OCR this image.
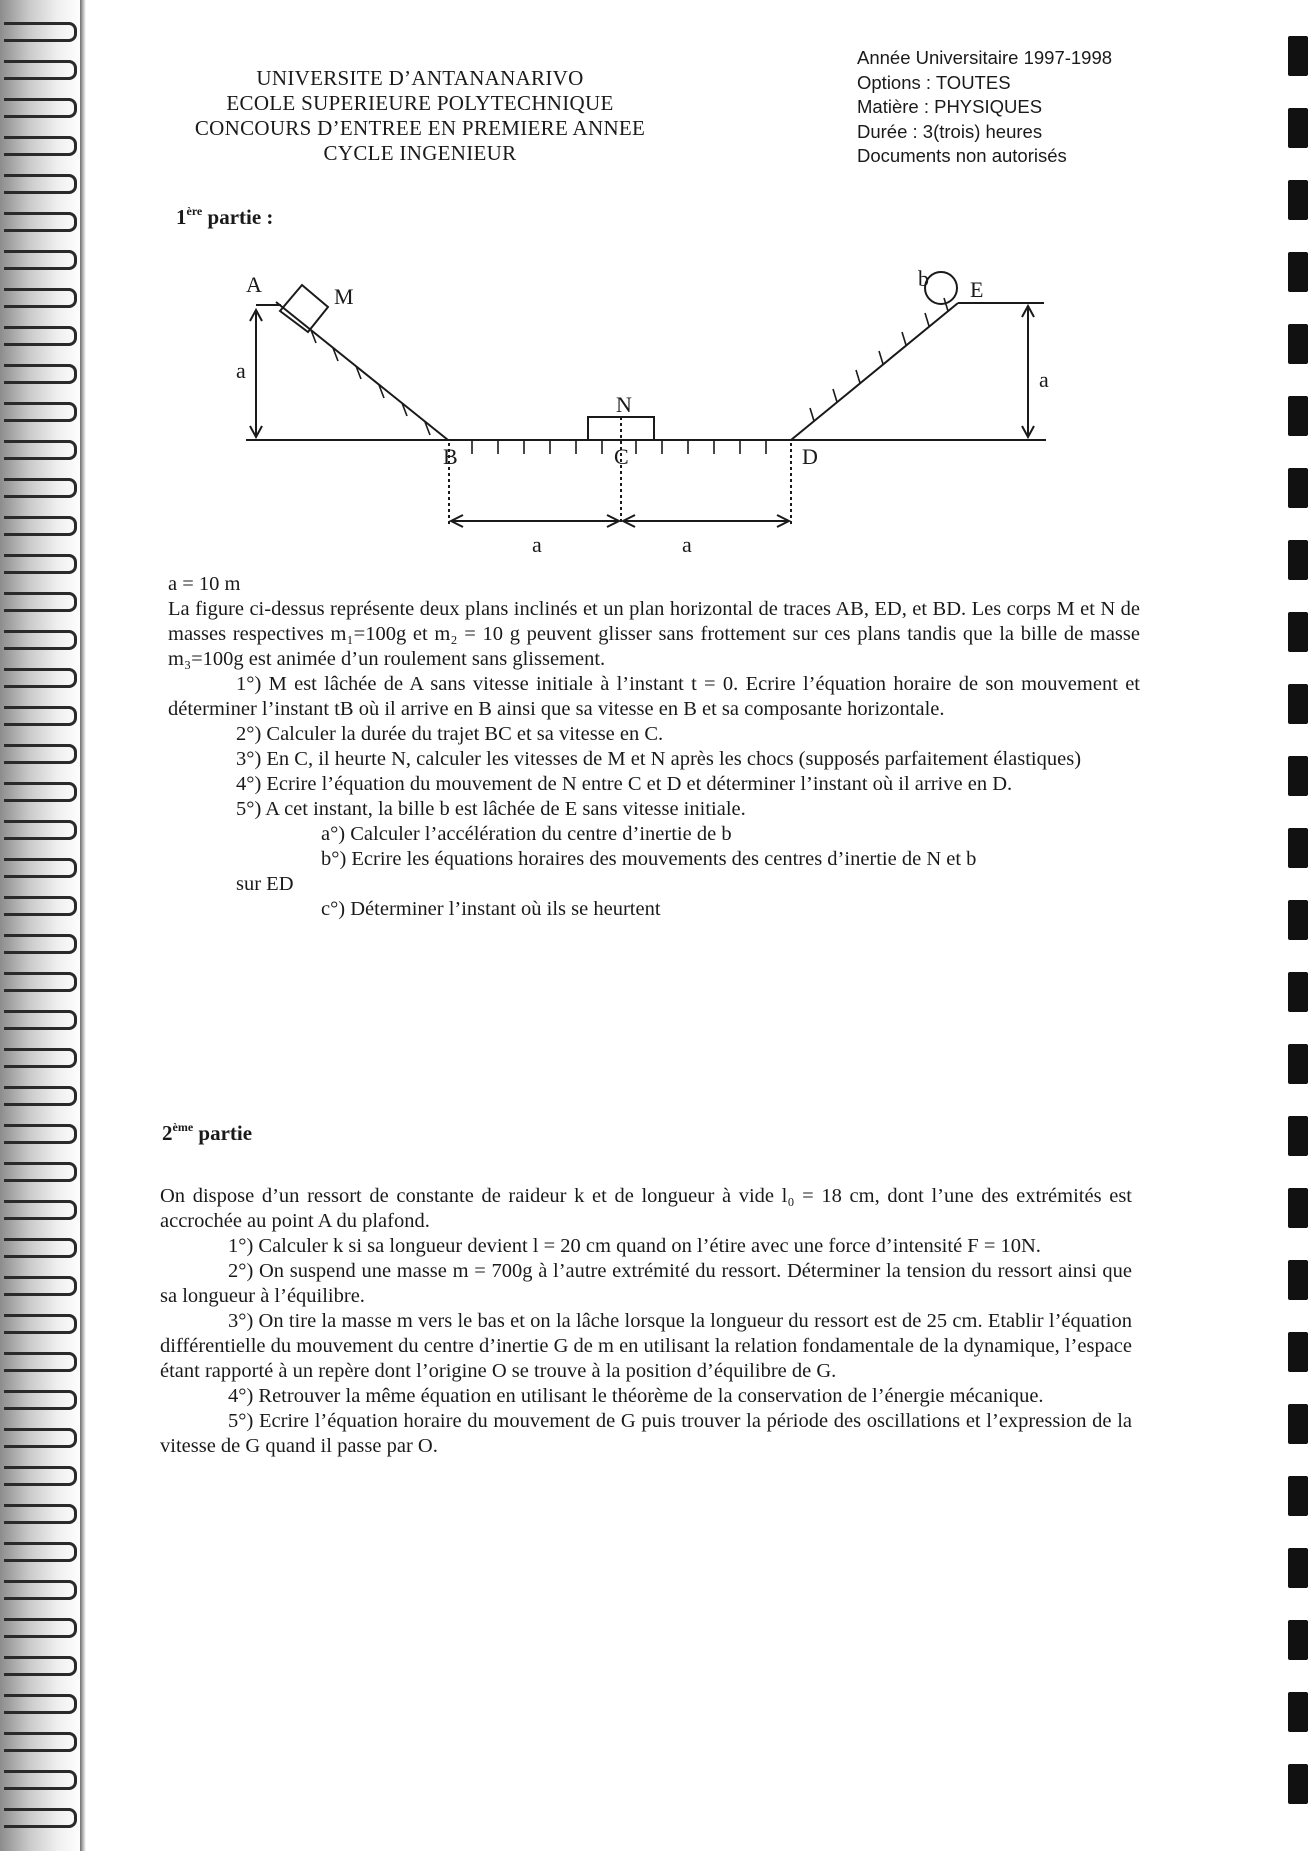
UNIVERSITE D’ANTANANARIVO
ECOLE SUPERIEURE POLYTECHNIQUE
CONCOURS D’ENTREE EN PREMIERE ANNEE
CYCLE INGENIEUR
Année Universitaire 1997-1998
Options : TOUTES
Matière : PHYSIQUES
Durée : 3(trois) heures
Documents non autorisés
1ère partie :
A	M
a
N
B	C	D
b E
a
a	a

a = 10 m

La figure ci-dessus représente deux plans inclinés et un plan horizontal de traces AB, ED, et BD. Les corps M et N de masses respectives m₁=100g et m₂ = 10 g peuvent glisser sans frottement sur ces plans tandis que la bille de masse m₃=100g est animée d’un roulement sans glissement.

1°) M est lâchée de A sans vitesse initiale à l’instant t = 0. Ecrire l’équation horaire de son mouvement et déterminer l’instant tB où il arrive en B ainsi que sa vitesse en B et sa composante horizontale.

2°) Calculer la durée du trajet BC et sa vitesse en C.

3°) En C, il heurte N, calculer les vitesses de M et N après les chocs (supposés parfaitement élastiques)

4°) Ecrire l’équation du mouvement de N entre C et D et déterminer l’instant où il arrive en D.

5°) A cet instant, la bille b est lâchée de E sans vitesse initiale.

a°) Calculer l’accélération du centre d’inertie de b

b°) Ecrire les équations horaires des mouvements des centres d’inertie de N et b

sur ED

c°) Déterminer l’instant où ils se heurtent

2ème partie

On dispose d’un ressort de constante de raideur k et de longueur à vide l₀ = 18 cm, dont l’une des extrémités est accrochée au point A du plafond.

1°) Calculer k si sa longueur devient l = 20 cm quand on l’étire avec une force d’intensité F = 10N.

2°) On suspend une masse m = 700g à l’autre extrémité du ressort. Déterminer la tension du ressort ainsi que sa longueur à l’équilibre.

3°) On tire la masse m vers le bas et on la lâche lorsque la longueur du ressort est de 25 cm. Etablir l’équation différentielle du mouvement du centre d’inertie G de m en utilisant la relation fondamentale de la dynamique, l’espace étant rapporté à un repère dont l’origine O se trouve à la position d’équilibre de G.

4°) Retrouver la même équation en utilisant le théorème de la conservation de l’énergie mécanique.

5°) Ecrire l’équation horaire du mouvement de G puis trouver la période des oscillations et l’expression de la vitesse de G quand il passe par O.
